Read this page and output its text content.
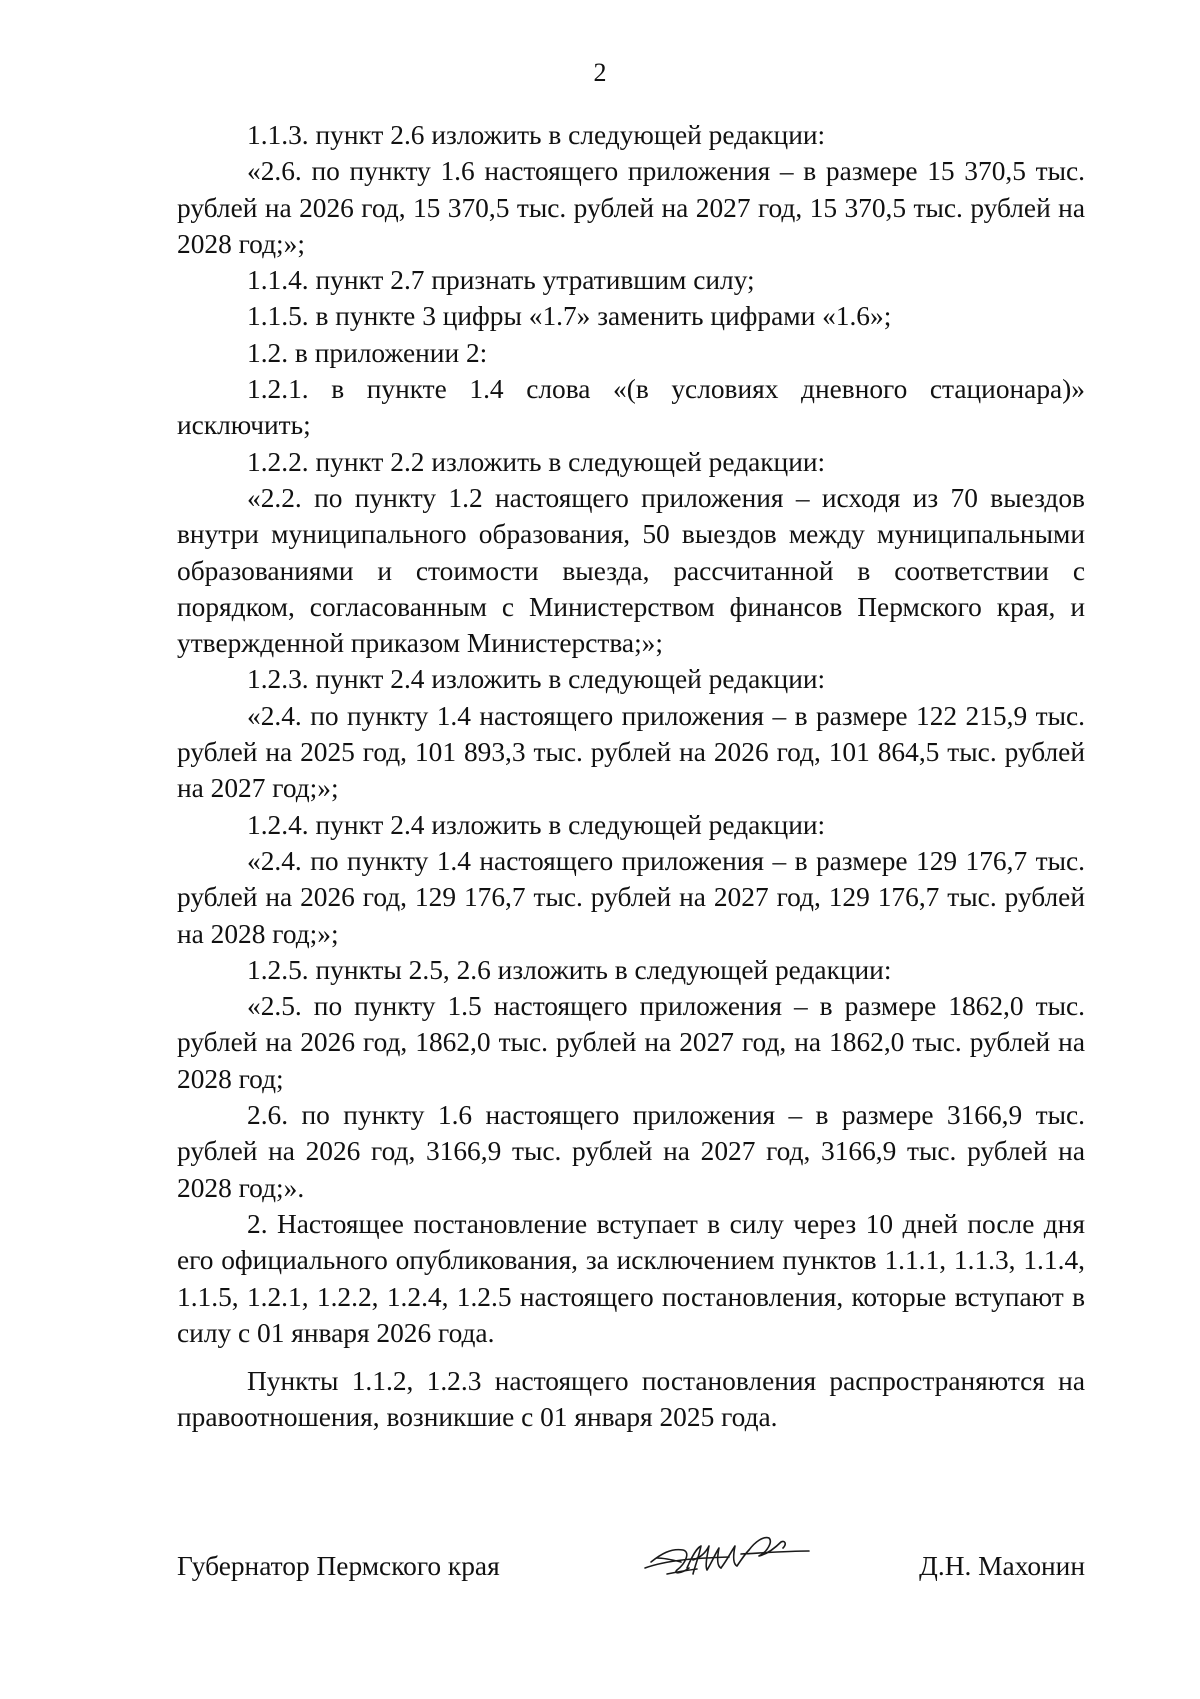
2

1.1.3. пункт 2.6 изложить в следующей редакции:

«2.6. по пункту 1.6 настоящего приложения – в размере 15 370,5 тыс. рублей на 2026 год, 15 370,5 тыс. рублей на 2027 год, 15 370,5 тыс. рублей на 2028 год;»;

1.1.4. пункт 2.7 признать утратившим силу;

1.1.5. в пункте 3 цифры «1.7» заменить цифрами «1.6»;

1.2. в приложении 2:

1.2.1. в пункте 1.4 слова «(в условиях дневного стационара)» исключить;

1.2.2. пункт 2.2 изложить в следующей редакции:

«2.2. по пункту 1.2 настоящего приложения – исходя из 70 выездов внутри муниципального образования, 50 выездов между муниципальными образованиями и стоимости выезда, рассчитанной в соответствии с порядком, согласованным с Министерством финансов Пермского края, и утвержденной приказом Министерства;»;

1.2.3. пункт 2.4 изложить в следующей редакции:

«2.4. по пункту 1.4 настоящего приложения – в размере 122 215,9 тыс. рублей на 2025 год, 101 893,3 тыс. рублей на 2026 год, 101 864,5 тыс. рублей на 2027 год;»;

1.2.4. пункт 2.4 изложить в следующей редакции:

«2.4. по пункту 1.4 настоящего приложения – в размере 129 176,7 тыс. рублей на 2026 год, 129 176,7 тыс. рублей на 2027 год, 129 176,7 тыс. рублей на 2028 год;»;

1.2.5. пункты 2.5, 2.6 изложить в следующей редакции:

«2.5. по пункту 1.5 настоящего приложения – в размере 1862,0 тыс. рублей на 2026 год, 1862,0 тыс. рублей на 2027 год, на 1862,0 тыс. рублей на 2028 год;

2.6. по пункту 1.6 настоящего приложения – в размере 3166,9 тыс. рублей на 2026 год, 3166,9 тыс. рублей на 2027 год, 3166,9 тыс. рублей на 2028 год;».

2. Настоящее постановление вступает в силу через 10 дней после дня его официального опубликования, за исключением пунктов 1.1.1, 1.1.3, 1.1.4, 1.1.5, 1.2.1, 1.2.2, 1.2.4, 1.2.5 настоящего постановления, которые вступают в силу с 01 января 2026 года.

Пункты 1.1.2, 1.2.3 настоящего постановления распространяются на правоотношения, возникшие с 01 января 2025 года.

Губернатор Пермского края	Д.Н. Махонин
